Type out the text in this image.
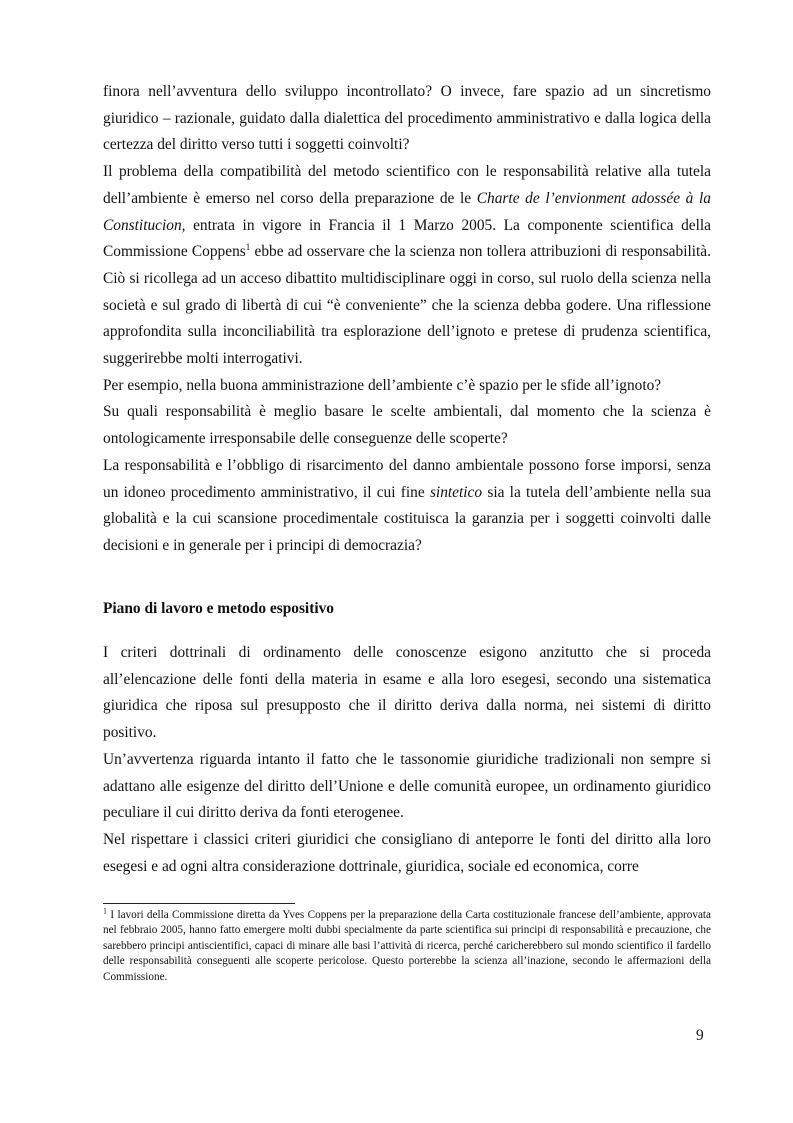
finora nell’avventura dello sviluppo incontrollato? O invece, fare spazio ad un sincretismo giuridico – razionale, guidato dalla dialettica del procedimento amministrativo e dalla logica della certezza del diritto verso tutti i soggetti coinvolti?

Il problema della compatibilità del metodo scientifico con le responsabilità relative alla tutela dell’ambiente è emerso nel corso della preparazione de le Charte de l’envionment adossée à la Constitucion, entrata in vigore in Francia il 1 Marzo 2005. La componente scientifica della Commissione Coppens$^1$ ebbe ad osservare che la scienza non tollera attribuzioni di responsabilità. Ciò si ricollega ad un acceso dibattito multidisciplinare oggi in corso, sul ruolo della scienza nella società e sul grado di libertà di cui “è conveniente” che la scienza debba godere. Una riflessione approfondita sulla inconciliabilità tra esplorazione dell’ignoto e pretese di prudenza scientifica, suggerirebbe molti interrogativi.

Per esempio, nella buona amministrazione dell’ambiente c’è spazio per le sfide all’ignoto?

Su quali responsabilità è meglio basare le scelte ambientali, dal momento che la scienza è ontologicamente irresponsabile delle conseguenze delle scoperte?

La responsabilità e l’obbligo di risarcimento del danno ambientale possono forse imporsi, senza un idoneo procedimento amministrativo, il cui fine sintetico sia la tutela dell’ambiente nella sua globalità e la cui scansione procedimentale costituisca la garanzia per i soggetti coinvolti dalle decisioni e in generale per i principi di democrazia?

Piano di lavoro e metodo espositivo

I criteri dottrinali di ordinamento delle conoscenze esigono anzitutto che si proceda all’elencazione delle fonti della materia in esame e alla loro esegesi, secondo una sistematica giuridica che riposa sul presupposto che il diritto deriva dalla norma, nei sistemi di diritto positivo.

Un’avvertenza riguarda intanto il fatto che le tassonomie giuridiche tradizionali non sempre si adattano alle esigenze del diritto dell’Unione e delle comunità europee, un ordinamento giuridico peculiare il cui diritto deriva da fonti eterogenee.

Nel rispettare i classici criteri giuridici che consigliano di anteporre le fonti del diritto alla loro esegesi e ad ogni altra considerazione dottrinale, giuridica, sociale ed economica, corre

$^1$ I lavori della Commissione diretta da Yves Coppens per la preparazione della Carta costituzionale francese dell’ambiente, approvata nel febbraio 2005, hanno fatto emergere molti dubbi specialmente da parte scientifica sui principi di responsabilità e precauzione, che sarebbero principi antiscientifici, capaci di minare alle basi l’attività di ricerca, perché caricherebbero sul mondo scientifico il fardello delle responsabilità conseguenti alle scoperte pericolose. Questo porterebbe la scienza all’inazione, secondo le affermazioni della Commissione.
9
